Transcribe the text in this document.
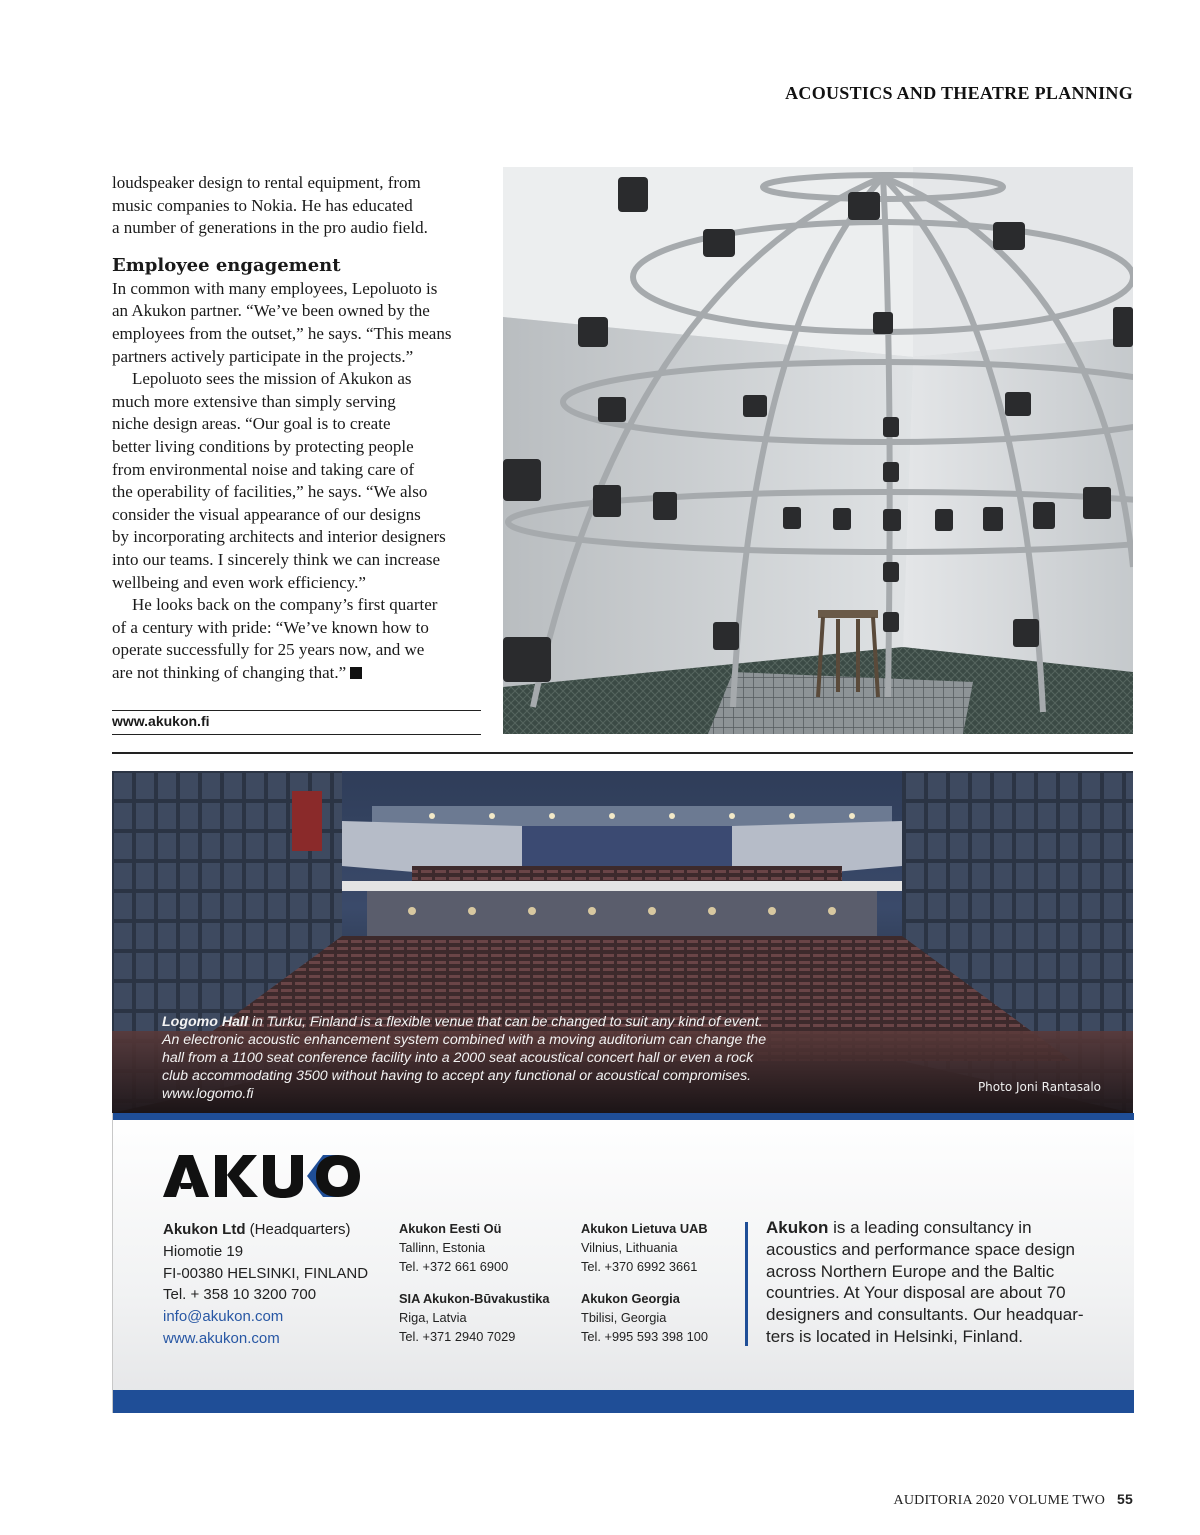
ACOUSTICS AND THEATRE PLANNING

loudspeaker design to rental equipment, from
music companies to Nokia. He has educated
a number of generations in the pro audio field.

Employee engagement

In common with many employees, Lepoluoto is
an Akukon partner. “We’ve been owned by the
employees from the outset,” he says. “This means
partners actively participate in the projects.”

Lepoluoto sees the mission of Akukon as
much more extensive than simply serving
niche design areas. “Our goal is to create
better living conditions by protecting people
from environmental noise and taking care of
the operability of facilities,” he says. “We also
consider the visual appearance of our designs
by incorporating architects and interior designers
into our teams. I sincerely think we can increase
wellbeing and even work efficiency.”

He looks back on the company’s first quarter
of a century with pride: “We’ve known how to
operate successfully for 25 years now, and we
are not thinking of changing that.”

www.akukon.fi
Logomo Hall in Turku, Finland is a flexible venue that can be changed to suit any kind of event.
An electronic acoustic enhancement system combined with a moving auditorium can change the
hall from a 1100 seat conference facility into a 2000 seat acoustical concert hall or even a rock
club accommodating 3500 without having to accept any functional or acoustical compromises.
www.logomo.fi	Photo Joni Rantasalo
Akukon Ltd (Headquarters)
Hiomotie 19
FI-00380 HELSINKI, FINLAND
Tel. + 358 10 3200 700
info@akukon.com
www.akukon.com
Akukon Eesti Oü
Tallinn, Estonia
Tel. +372 661 6900
SIA Akukon-Būvakustika
Riga, Latvia
Tel. +371 2940 7029
Akukon Lietuva UAB
Vilnius, Lithuania
Tel. +370 6992 3661
Akukon Georgia
Tbilisi, Georgia
Tel. +995 593 398 100
Akukon is a leading consultancy in acoustics and performance space design across Northern Europe and the Baltic countries. At Your disposal are about 70 designers and consultants. Our headquar-ters is located in Helsinki, Finland.
AUDITORIA 2020 VOLUME TWO 55
